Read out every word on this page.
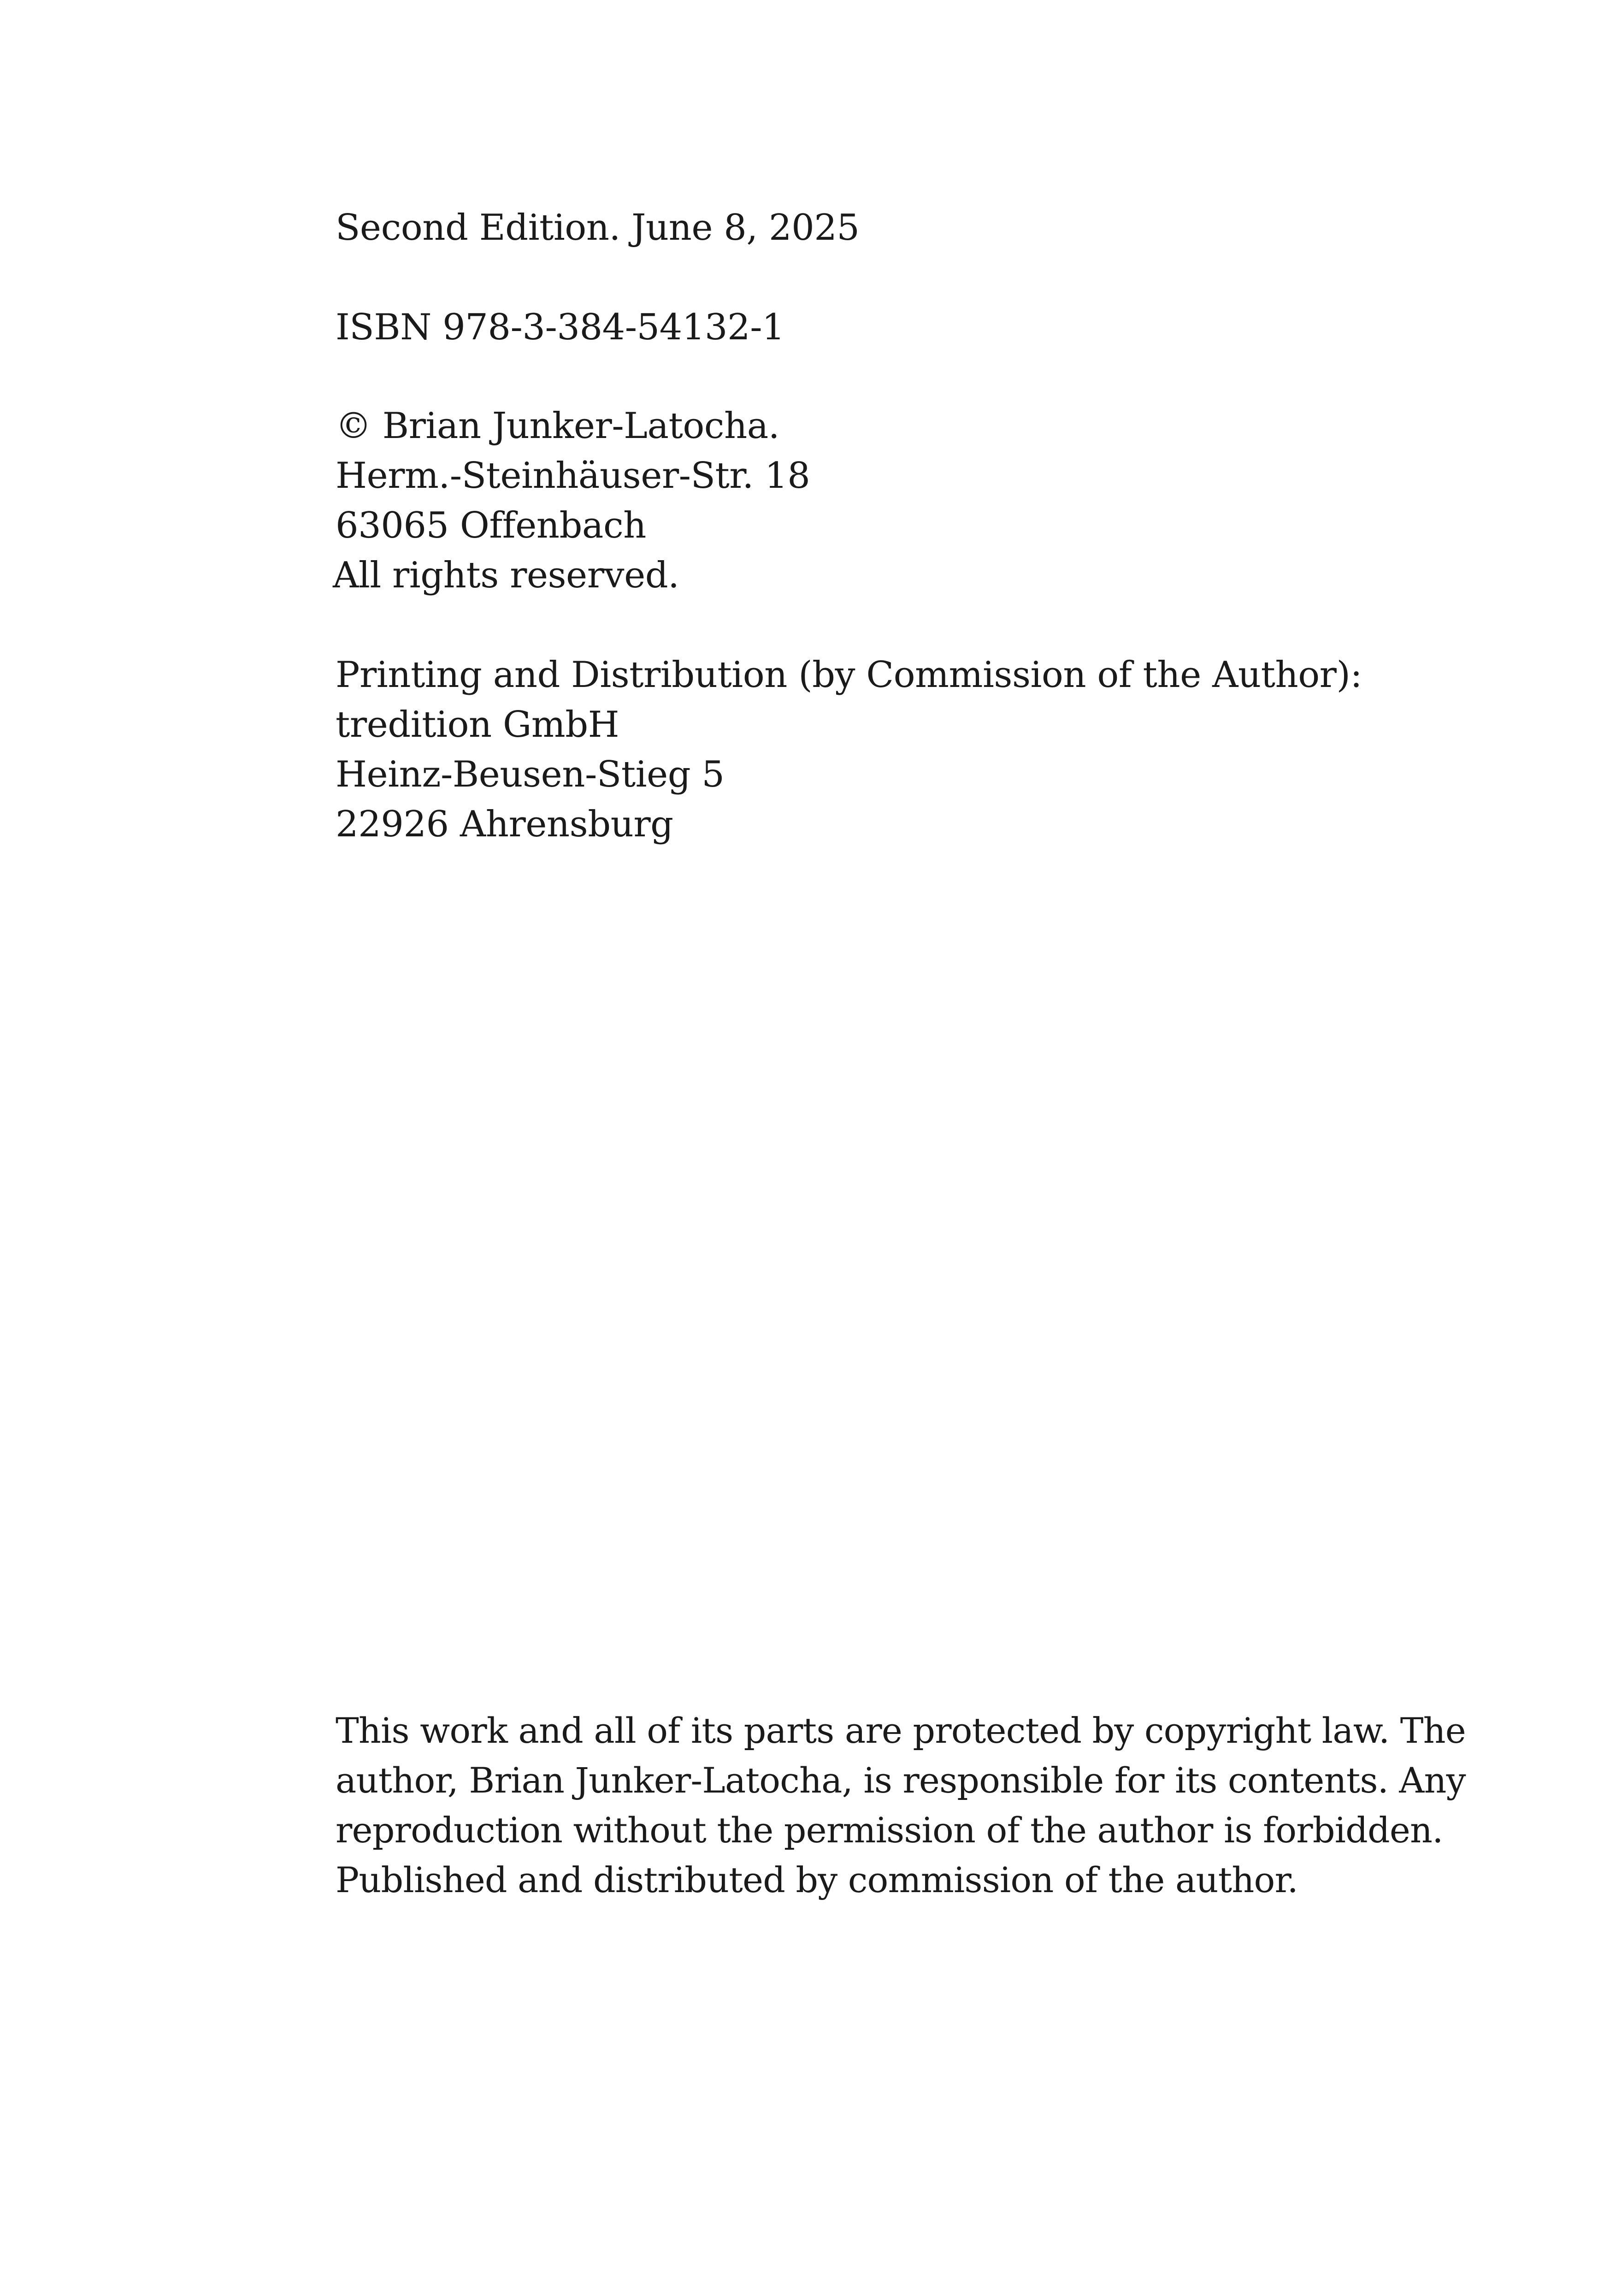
Second Edition. June 8, 2025

ISBN 978-3-384-54132-1

© Brian Junker-Latocha.

Herm.-Steinhäuser-Str. 18

63065 Offenbach

All rights reserved.

Printing and Distribution (by Commission of the Author):

tredition GmbH

Heinz-Beusen-Stieg 5

22926 Ahrensburg

This work and all of its parts are protected by copyright law. The

author, Brian Junker-Latocha, is responsible for its contents. Any

reproduction without the permission of the author is forbidden.

Published and distributed by commission of the author.
